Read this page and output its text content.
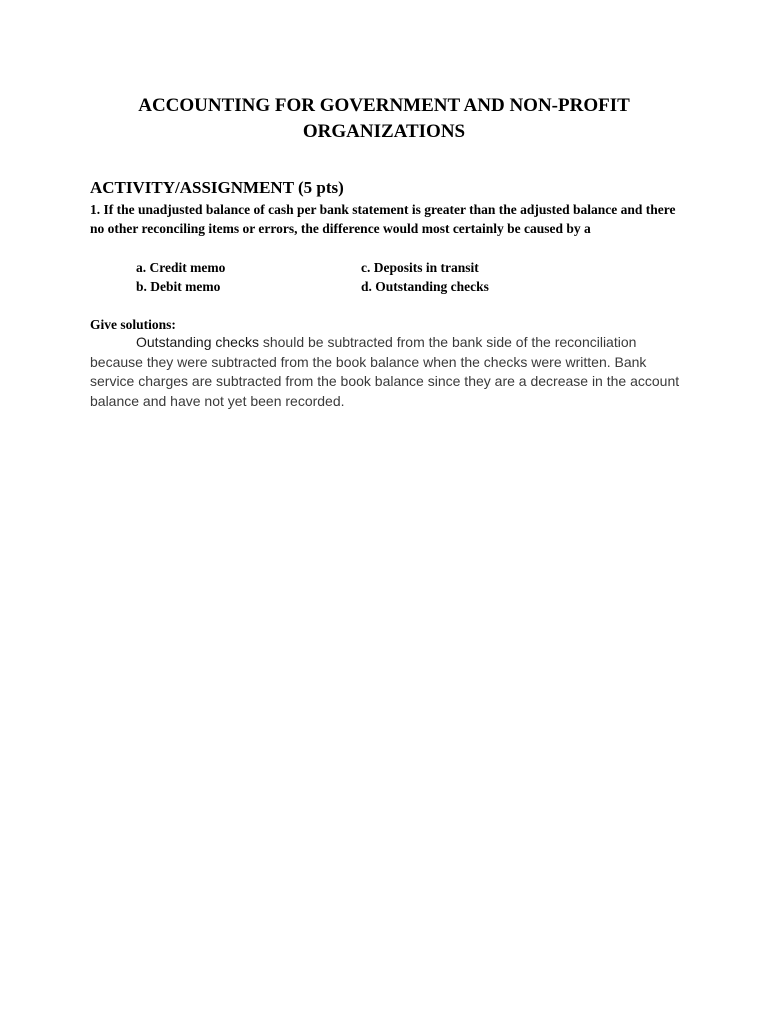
ACCOUNTING FOR GOVERNMENT AND NON-PROFIT ORGANIZATIONS
ACTIVITY/ASSIGNMENT (5 pts)

1. If the unadjusted balance of cash per bank statement is greater than the adjusted balance and there no other reconciling items or errors, the difference would most certainly be caused by a

a. Credit memo
b. Debit memo
c. Deposits in transit
d. Outstanding checks

Give solutions:

Outstanding checks should be subtracted from the bank side of the reconciliation because they were subtracted from the book balance when the checks were written. Bank service charges are subtracted from the book balance since they are a decrease in the account balance and have not yet been recorded.
